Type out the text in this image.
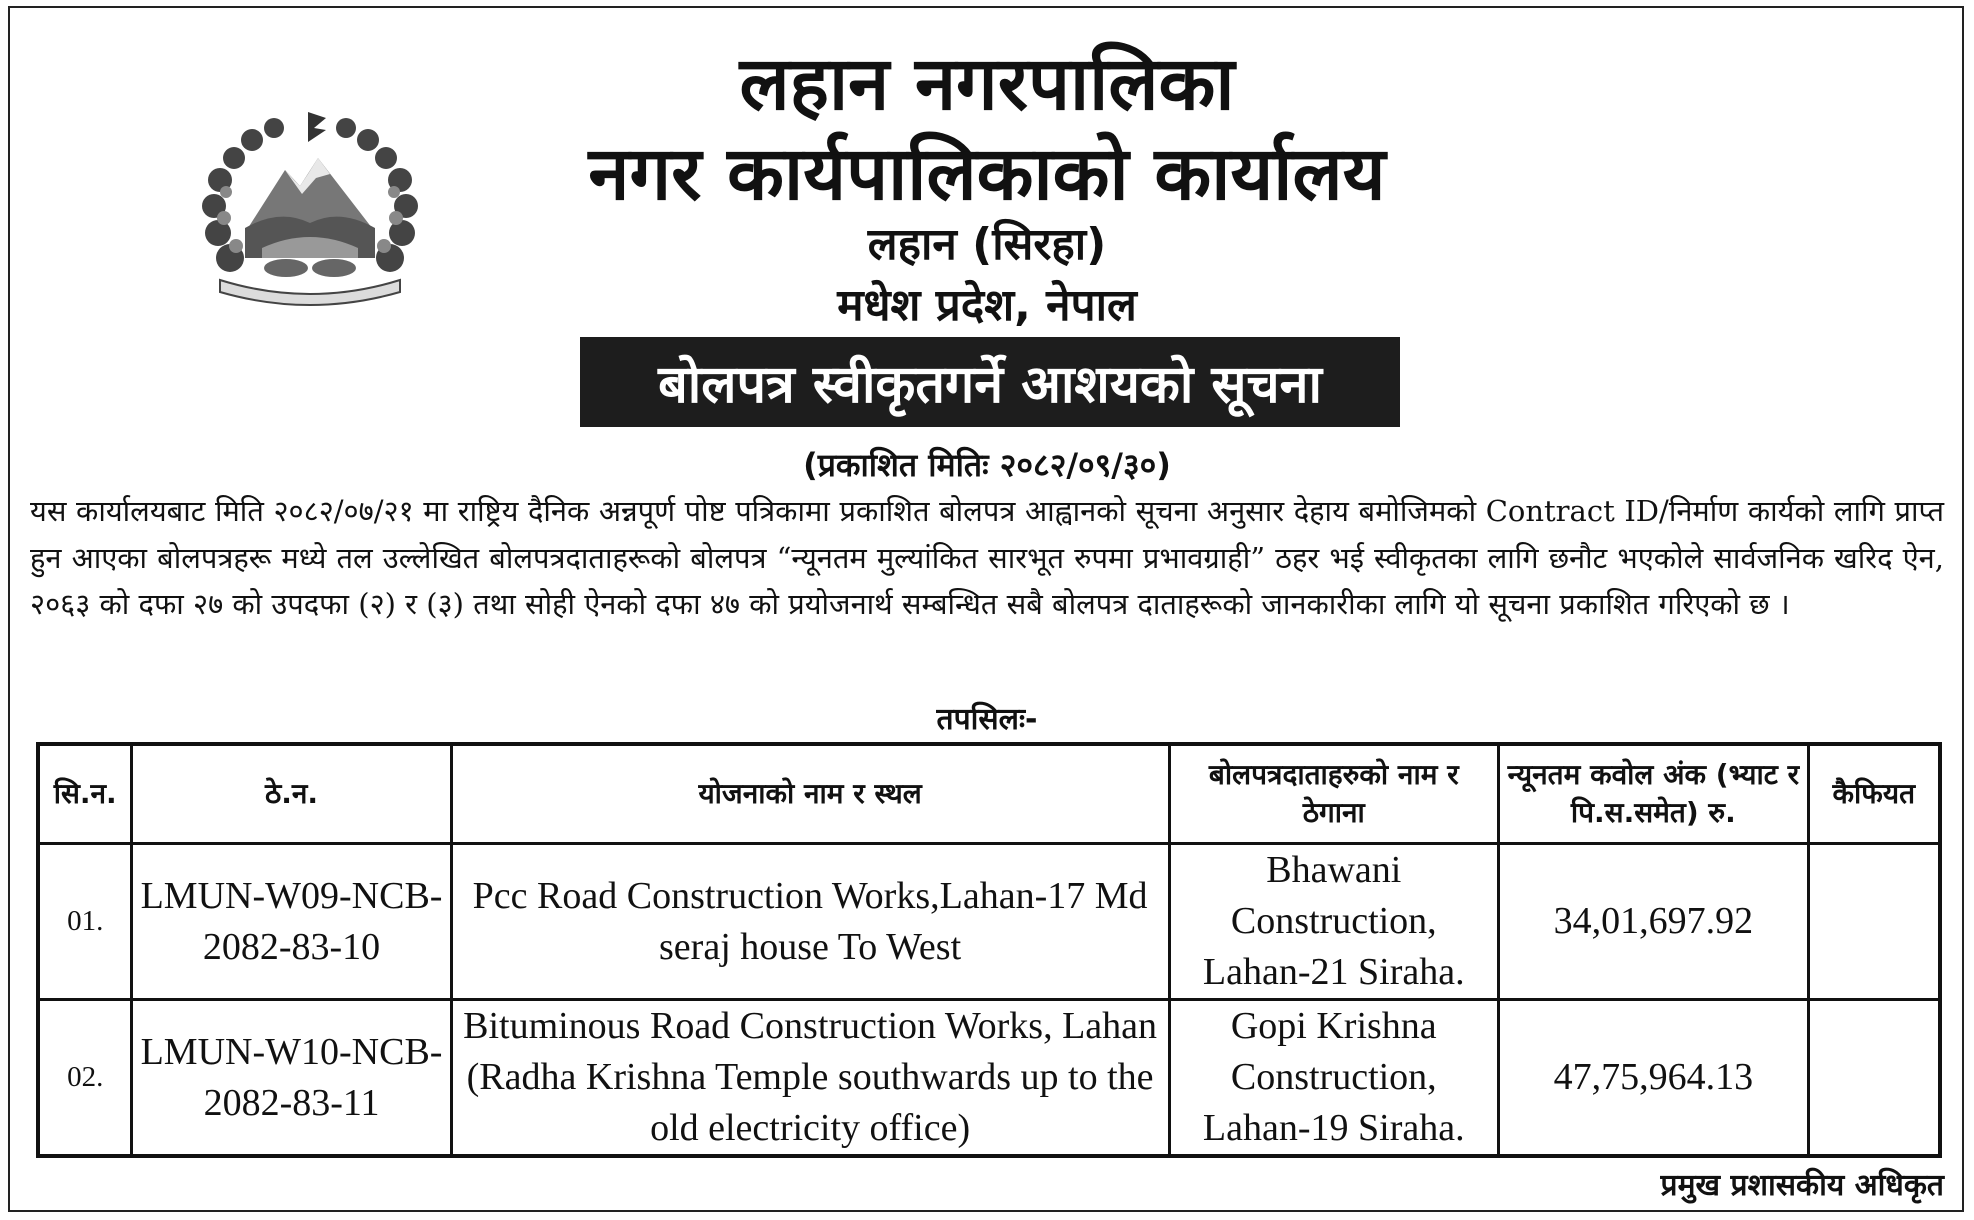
लहान नगरपालिका
नगर कार्यपालिकाको कार्यालय
लहान (सिरहा)
मधेश प्रदेश, नेपाल
बोलपत्र स्वीकृतगर्ने आशयको सूचना
(प्रकाशित मितिः २०८२/०९/३०)
यस कार्यालयबाट मिति २०८२/०७/२१ मा राष्ट्रिय दैनिक अन्नपूर्ण पोष्ट पत्रिकामा प्रकाशित बोलपत्र आह्वानको सूचना अनुसार देहाय बमोजिमको Contract ID/निर्माण कार्यको लागि प्राप्त हुन आएका बोलपत्रहरू मध्ये तल उल्लेखित बोलपत्रदाताहरूको बोलपत्र “न्यूनतम मुल्यांकित सारभूत रुपमा प्रभावग्राही” ठहर भई स्वीकृतका लागि छनौट भएकोले सार्वजनिक खरिद ऐन, २०६३ को दफा २७ को उपदफा (२) र (३) तथा सोही ऐनको दफा ४७ को प्रयोजनार्थ सम्बन्धित सबै बोलपत्र दाताहरूको जानकारीका लागि यो सूचना प्रकाशित गरिएको छ ।
तपसिलः-
सि.न.	ठे.न.	योजनाको नाम र स्थल	बोलपत्रदाताहरुको नाम र ठेगाना	न्यूनतम कवोल अंक (भ्याट र पि.स.समेत) रु.	कैफियत
01.	LMUN-W09-NCB-2082-83-10	Pcc Road Construction Works,Lahan-17 Md seraj house To West	Bhawani Construction, Lahan-21 Siraha.	34,01,697.92	
02.	LMUN-W10-NCB-2082-83-11	Bituminous Road Construction Works, Lahan (Radha Krishna Temple southwards up to the old electricity office)	Gopi Krishna Construction, Lahan-19 Siraha.	47,75,964.13	
प्रमुख प्रशासकीय अधिकृत
